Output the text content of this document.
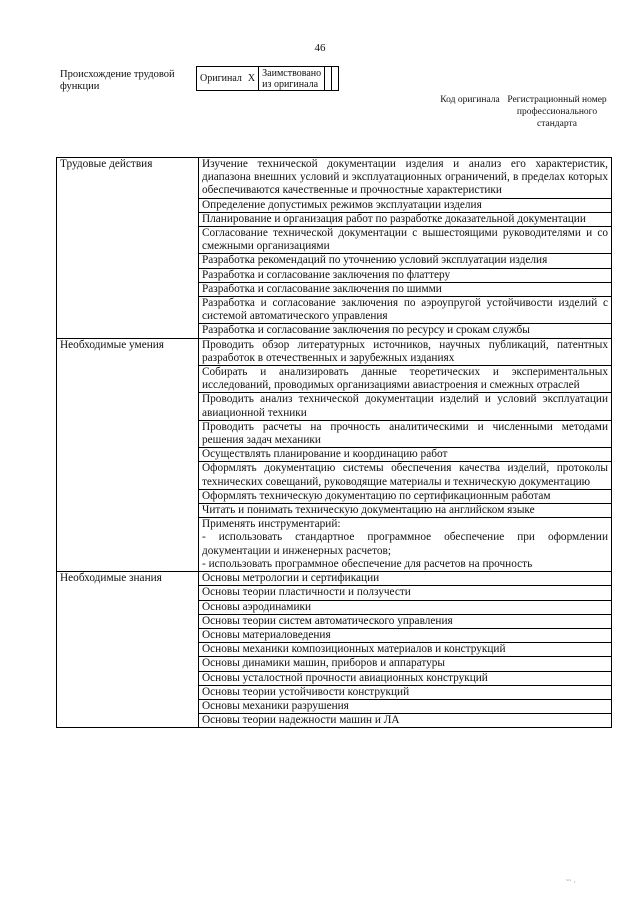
46
Происхождение трудовой функции
Оригинал	X	Заимствовано из оригинала		
Код оригинала Регистрационный номер профессионального стандарта
Трудовые действия	Изучение технической документации изделия и анализ его характеристик, диапазона внешних условий и эксплуатационных ограничений, в пределах которых обеспечиваются качественные и прочностные характеристики
	Определение допустимых режимов эксплуатации изделия
	Планирование и организация работ по разработке доказательной документации
	Согласование технической документации с вышестоящими руководителями и со смежными организациями
	Разработка рекомендаций по уточнению условий эксплуатации изделия
	Разработка и согласование заключения по флаттеру
	Разработка и согласование заключения по шимми
	Разработка и согласование заключения по аэроупругой устойчивости изделий с системой автоматического управления
	Разработка и согласование заключения по ресурсу и срокам службы
Необходимые умения	Проводить обзор литературных источников, научных публикаций, патентных разработок в отечественных и зарубежных изданиях
	Собирать и анализировать данные теоретических и экспериментальных исследований, проводимых организациями авиастроения и смежных отраслей
	Проводить анализ технической документации изделий и условий эксплуатации авиационной техники
	Проводить расчеты на прочность аналитическими и численными методами решения задач механики
	Осуществлять планирование и координацию работ
	Оформлять документацию системы обеспечения качества изделий, протоколы технических совещаний, руководящие материалы и техническую документацию
	Оформлять техническую документацию по сертификационным работам
	Читать и понимать техническую документацию на английском языке

	Применять инструментарий:
- использовать стандартное программное обеспечение при оформлении документации и инженерных расчетов;
- использовать программное обеспечение для расчетов на прочность

Необходимые знания	Основы метрологии и сертификации
	Основы теории пластичности и ползучести
	Основы аэродинамики
	Основы теории систем автоматического управления
	Основы материаловедения
	Основы механики композиционных материалов и конструкций
	Основы динамики машин, приборов и аппаратуры
	Основы усталостной прочности авиационных конструкций
	Основы теории устойчивости конструкций
	Основы механики разрушения
	Основы теории надежности машин и ЛА
˜˜ ·
